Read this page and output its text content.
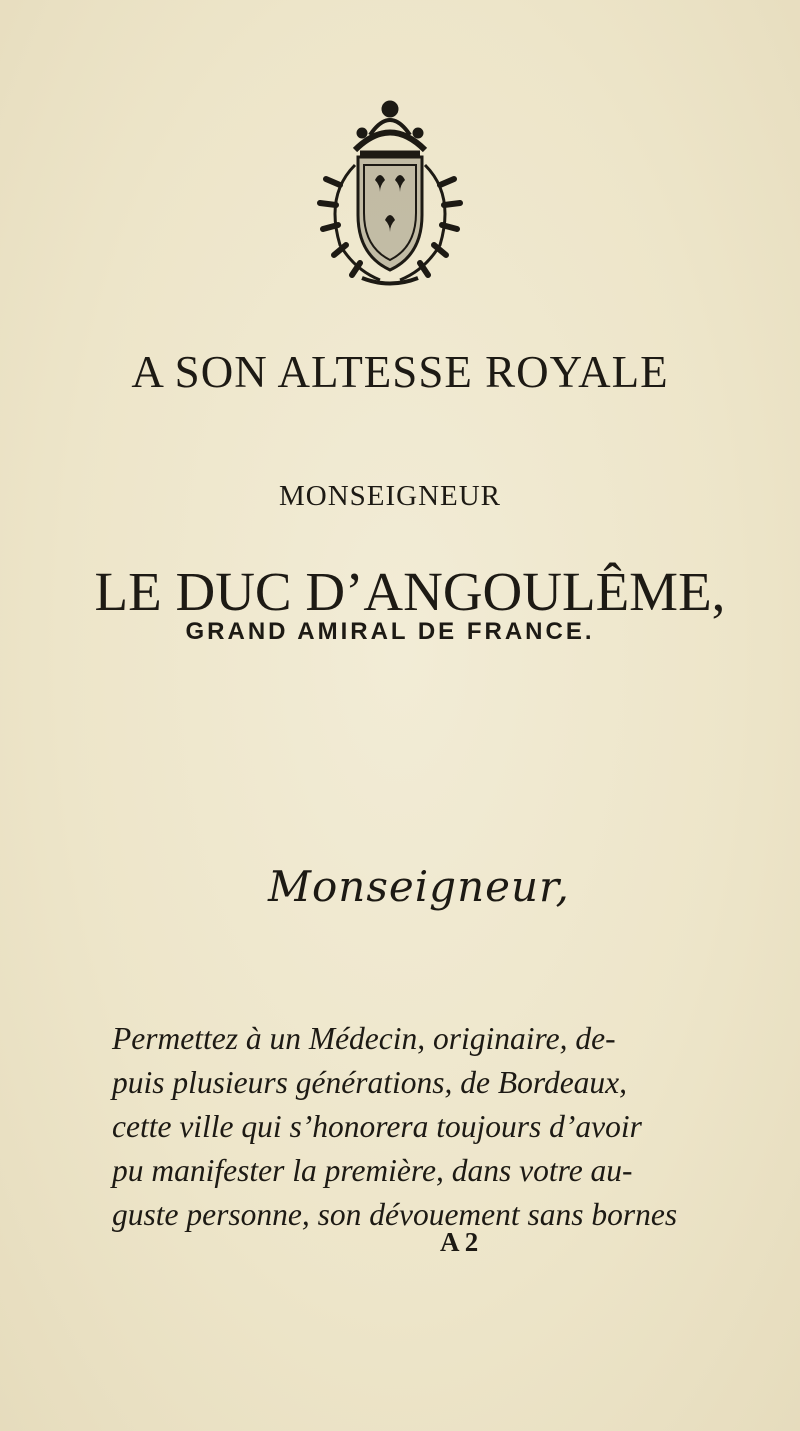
A SON ALTESSE ROYALE
MONSEIGNEUR
LE DUC D’ANGOULÊME,

GRAND AMIRAL DE FRANCE.

Monseigneur,

Permettez à un Médecin, originaire, de-
puis plusieurs générations, de Bordeaux,
cette ville qui s’honorera toujours d’avoir
pu manifester la première, dans votre au-
guste personne, son dévouement sans bornes

A 2
